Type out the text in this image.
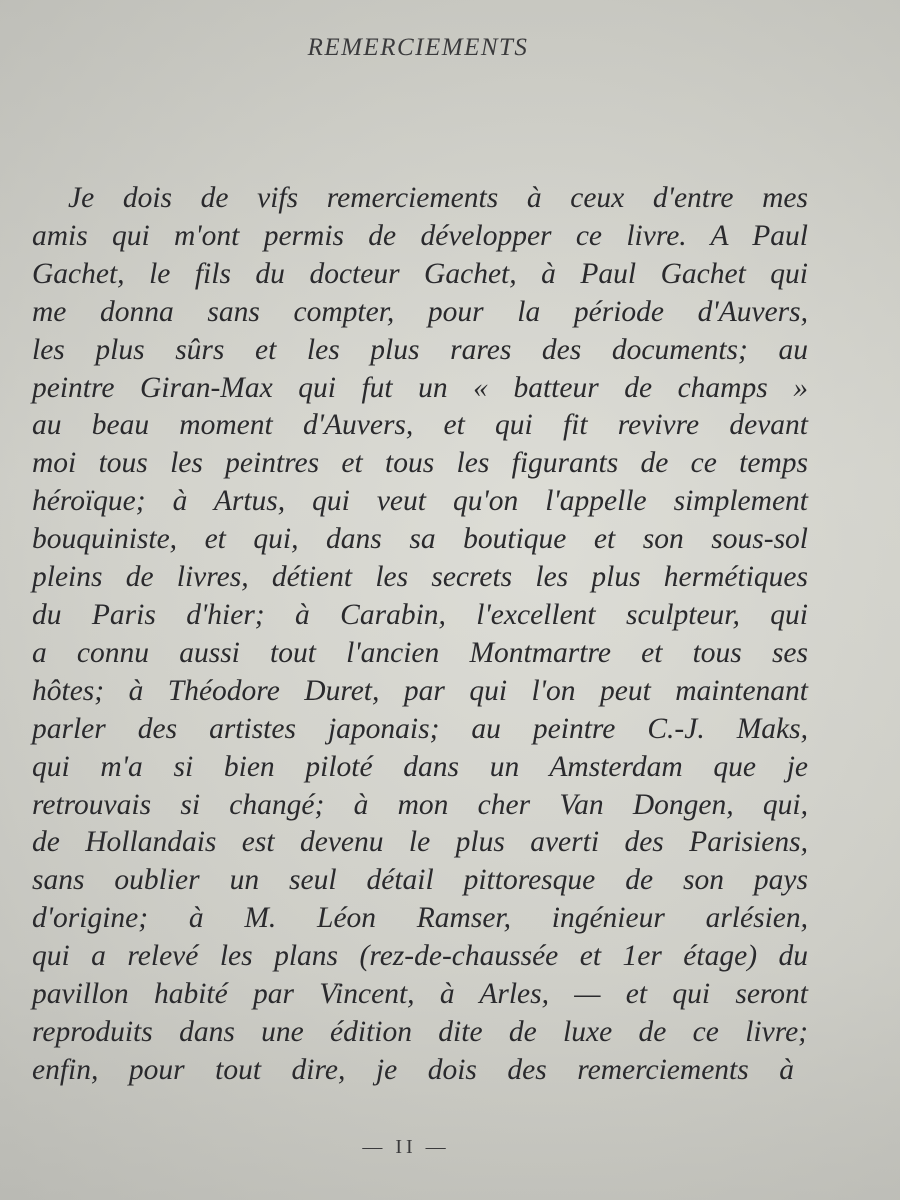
REMERCIEMENTS
Je dois de vifs remerciements à ceux d'entre mes
amis qui m'ont permis de développer ce livre. A Paul
Gachet, le fils du docteur Gachet, à Paul Gachet qui
me donna sans compter, pour la période d'Auvers,
les plus sûrs et les plus rares des documents; au
peintre Giran-Max qui fut un « batteur de champs »
au beau moment d'Auvers, et qui fit revivre devant
moi tous les peintres et tous les figurants de ce temps
héroïque; à Artus, qui veut qu'on l'appelle simplement
bouquiniste, et qui, dans sa boutique et son sous-sol
pleins de livres, détient les secrets les plus hermétiques
du Paris d'hier; à Carabin, l'excellent sculpteur, qui
a connu aussi tout l'ancien Montmartre et tous ses
hôtes; à Théodore Duret, par qui l'on peut maintenant
parler des artistes japonais; au peintre C.-J. Maks,
qui m'a si bien piloté dans un Amsterdam que je
retrouvais si changé; à mon cher Van Dongen, qui,
de Hollandais est devenu le plus averti des Parisiens,
sans oublier un seul détail pittoresque de son pays
d'origine; à M. Léon Ramser, ingénieur arlésien,
qui a relevé les plans (rez-de-chaussée et 1er étage) du
pavillon habité par Vincent, à Arles, — et qui seront
reproduits dans une édition dite de luxe de ce livre;
enfin, pour tout dire, je dois des remerciements à
— II —
